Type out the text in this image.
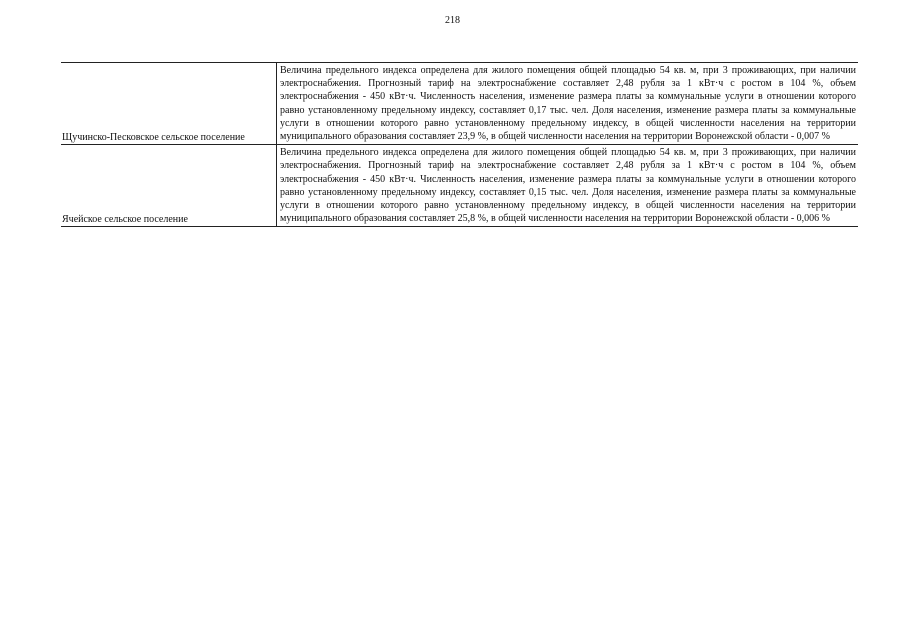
218
Щучинско-Песковское сельское поселение	Величина предельного индекса определена для жилого помещения общей площадью 54 кв. м, при 3 проживающих, при наличии электроснабжения. Прогнозный тариф на электроснабжение составляет 2,48 рубля за 1 кВт·ч с ростом в 104 %, объем электроснабжения - 450 кВт·ч. Численность населения, изменение размера платы за коммунальные услуги в отношении которого равно установленному предельному индексу, составляет 0,17 тыс. чел. Доля населения, изменение размера платы за коммунальные услуги в отношении которого равно установленному предельному индексу, в общей численности населения на территории муниципального образования составляет 23,9 %, в общей численности населения на территории Воронежской области - 0,007 %
Ячейское сельское поселение	Величина предельного индекса определена для жилого помещения общей площадью 54 кв. м, при 3 проживающих, при наличии электроснабжения. Прогнозный тариф на электроснабжение составляет 2,48 рубля за 1 кВт·ч с ростом в 104 %, объем электроснабжения - 450 кВт·ч. Численность населения, изменение размера платы за коммунальные услуги в отношении которого равно установленному предельному индексу, составляет 0,15 тыс. чел. Доля населения, изменение размера платы за коммунальные услуги в отношении которого равно установленному предельному индексу, в общей численности населения на территории муниципального образования составляет 25,8 %, в общей численности населения на территории Воронежской области - 0,006 %
